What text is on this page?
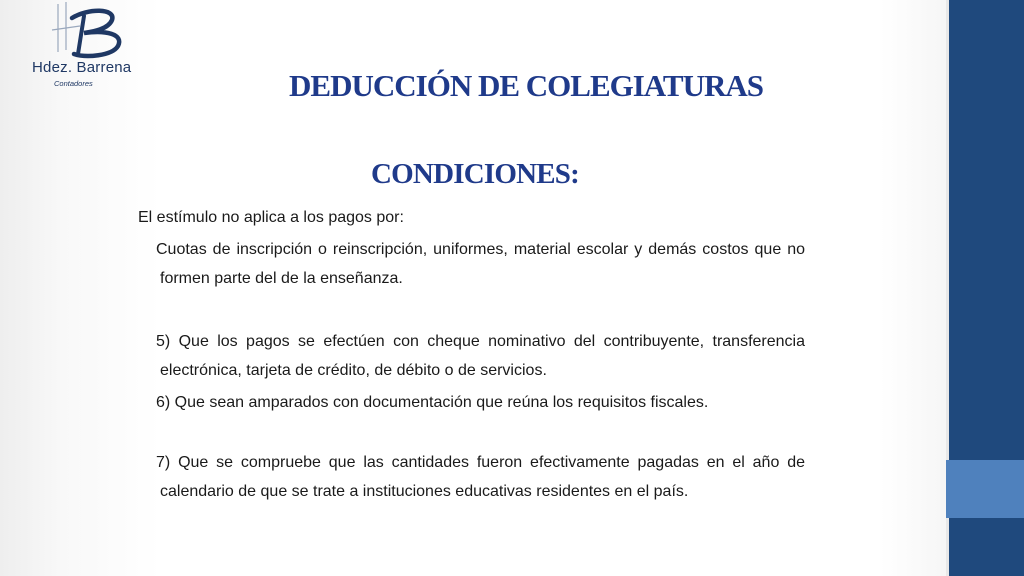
Hdez. Barrena
Contadores	DEDUCCIÓN DE COLEGIATURAS
CONDICIONES:
El estímulo no aplica a los pagos por:
Cuotas de inscripción o reinscripción, uniformes, material escolar y demás costos que no formen parte del de la enseñanza.
5) Que los pagos se efectúen con cheque nominativo del contribuyente, transferencia electrónica, tarjeta de crédito, de débito o de servicios.
6) Que sean amparados con documentación que reúna los requisitos fiscales.
7) Que se compruebe que las cantidades fueron efectivamente pagadas en el año de calendario de que se trate a instituciones educativas residentes en el país.
